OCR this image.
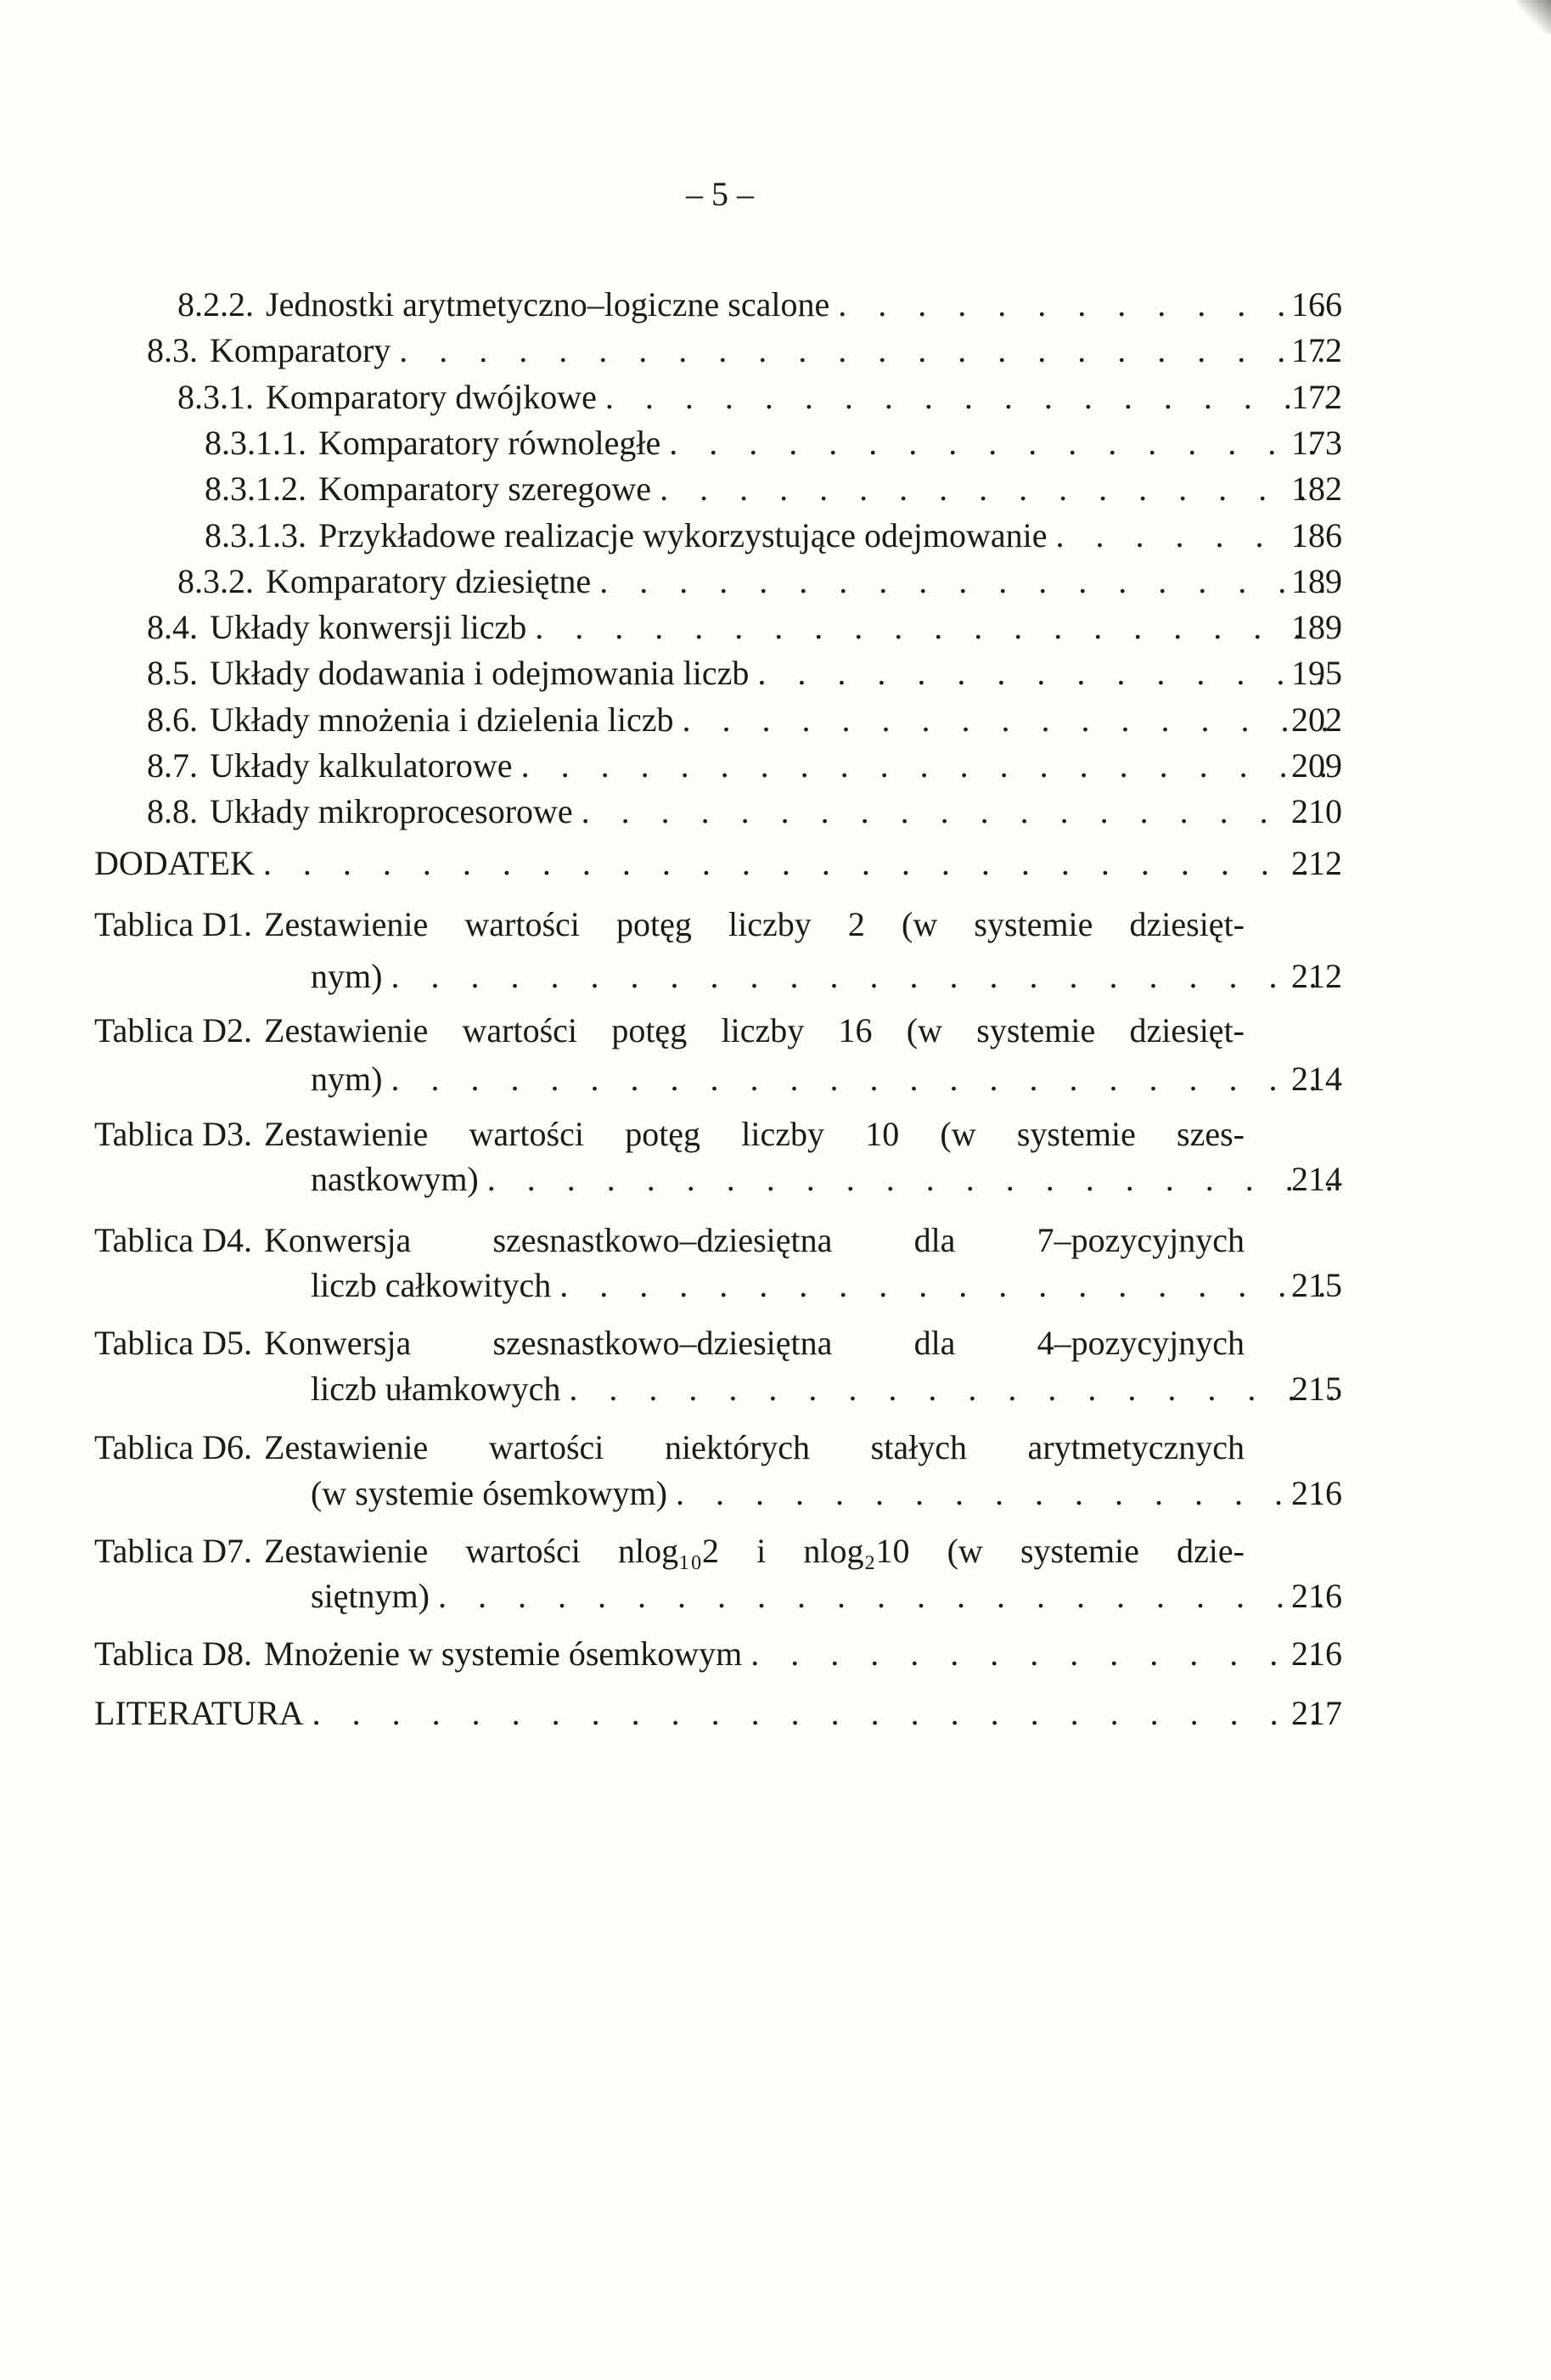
– 5 –
8.2.2. Jednostki arytmetyczno–logiczne scalone . . .	166
8.3. Komparatory . . .	172
8.3.1. Komparatory dwójkowe . . .	172
8.3.1.1. Komparatory równoległe . . .	173
8.3.1.2. Komparatory szeregowe . . .	182
8.3.1.3. Przykładowe realizacje wykorzystujące odejmowanie . . .	186
8.3.2. Komparatory dziesiętne . . .	189
8.4. Układy konwersji liczb . . .	189
8.5. Układy dodawania i odejmowania liczb . . .	195
8.6. Układy mnożenia i dzielenia liczb . . .	202
8.7. Układy kalkulatorowe . . .	209
8.8. Układy mikroprocesorowe . . .	210
DODATEK . . .	212
Tablica D1. Zestawienie wartości potęg liczby 2 (w systemie dziesięt-
nym) . . .	212
Tablica D2. Zestawienie wartości potęg liczby 16 (w systemie dziesięt-
nym) . . .	214
Tablica D3. Zestawienie wartości potęg liczby 10 (w systemie szes-
nastkowym) . . .	214
Tablica D4. Konwersja szesnastkowo–dziesiętna dla 7–pozycyjnych
liczb całkowitych . . .	215
Tablica D5. Konwersja szesnastkowo–dziesiętna dla 4–pozycyjnych
liczb ułamkowych . . .	215
Tablica D6. Zestawienie wartości niektórych stałych arytmetycznych
(w systemie ósemkowym) . . .	216
Tablica D7. Zestawienie wartości nlog₁₀2 i nlog₂10 (w systemie dzie-
siętnym) . . .	216
Tablica D8. Mnożenie w systemie ósemkowym . . .	216
LITERATURA . . .	217
